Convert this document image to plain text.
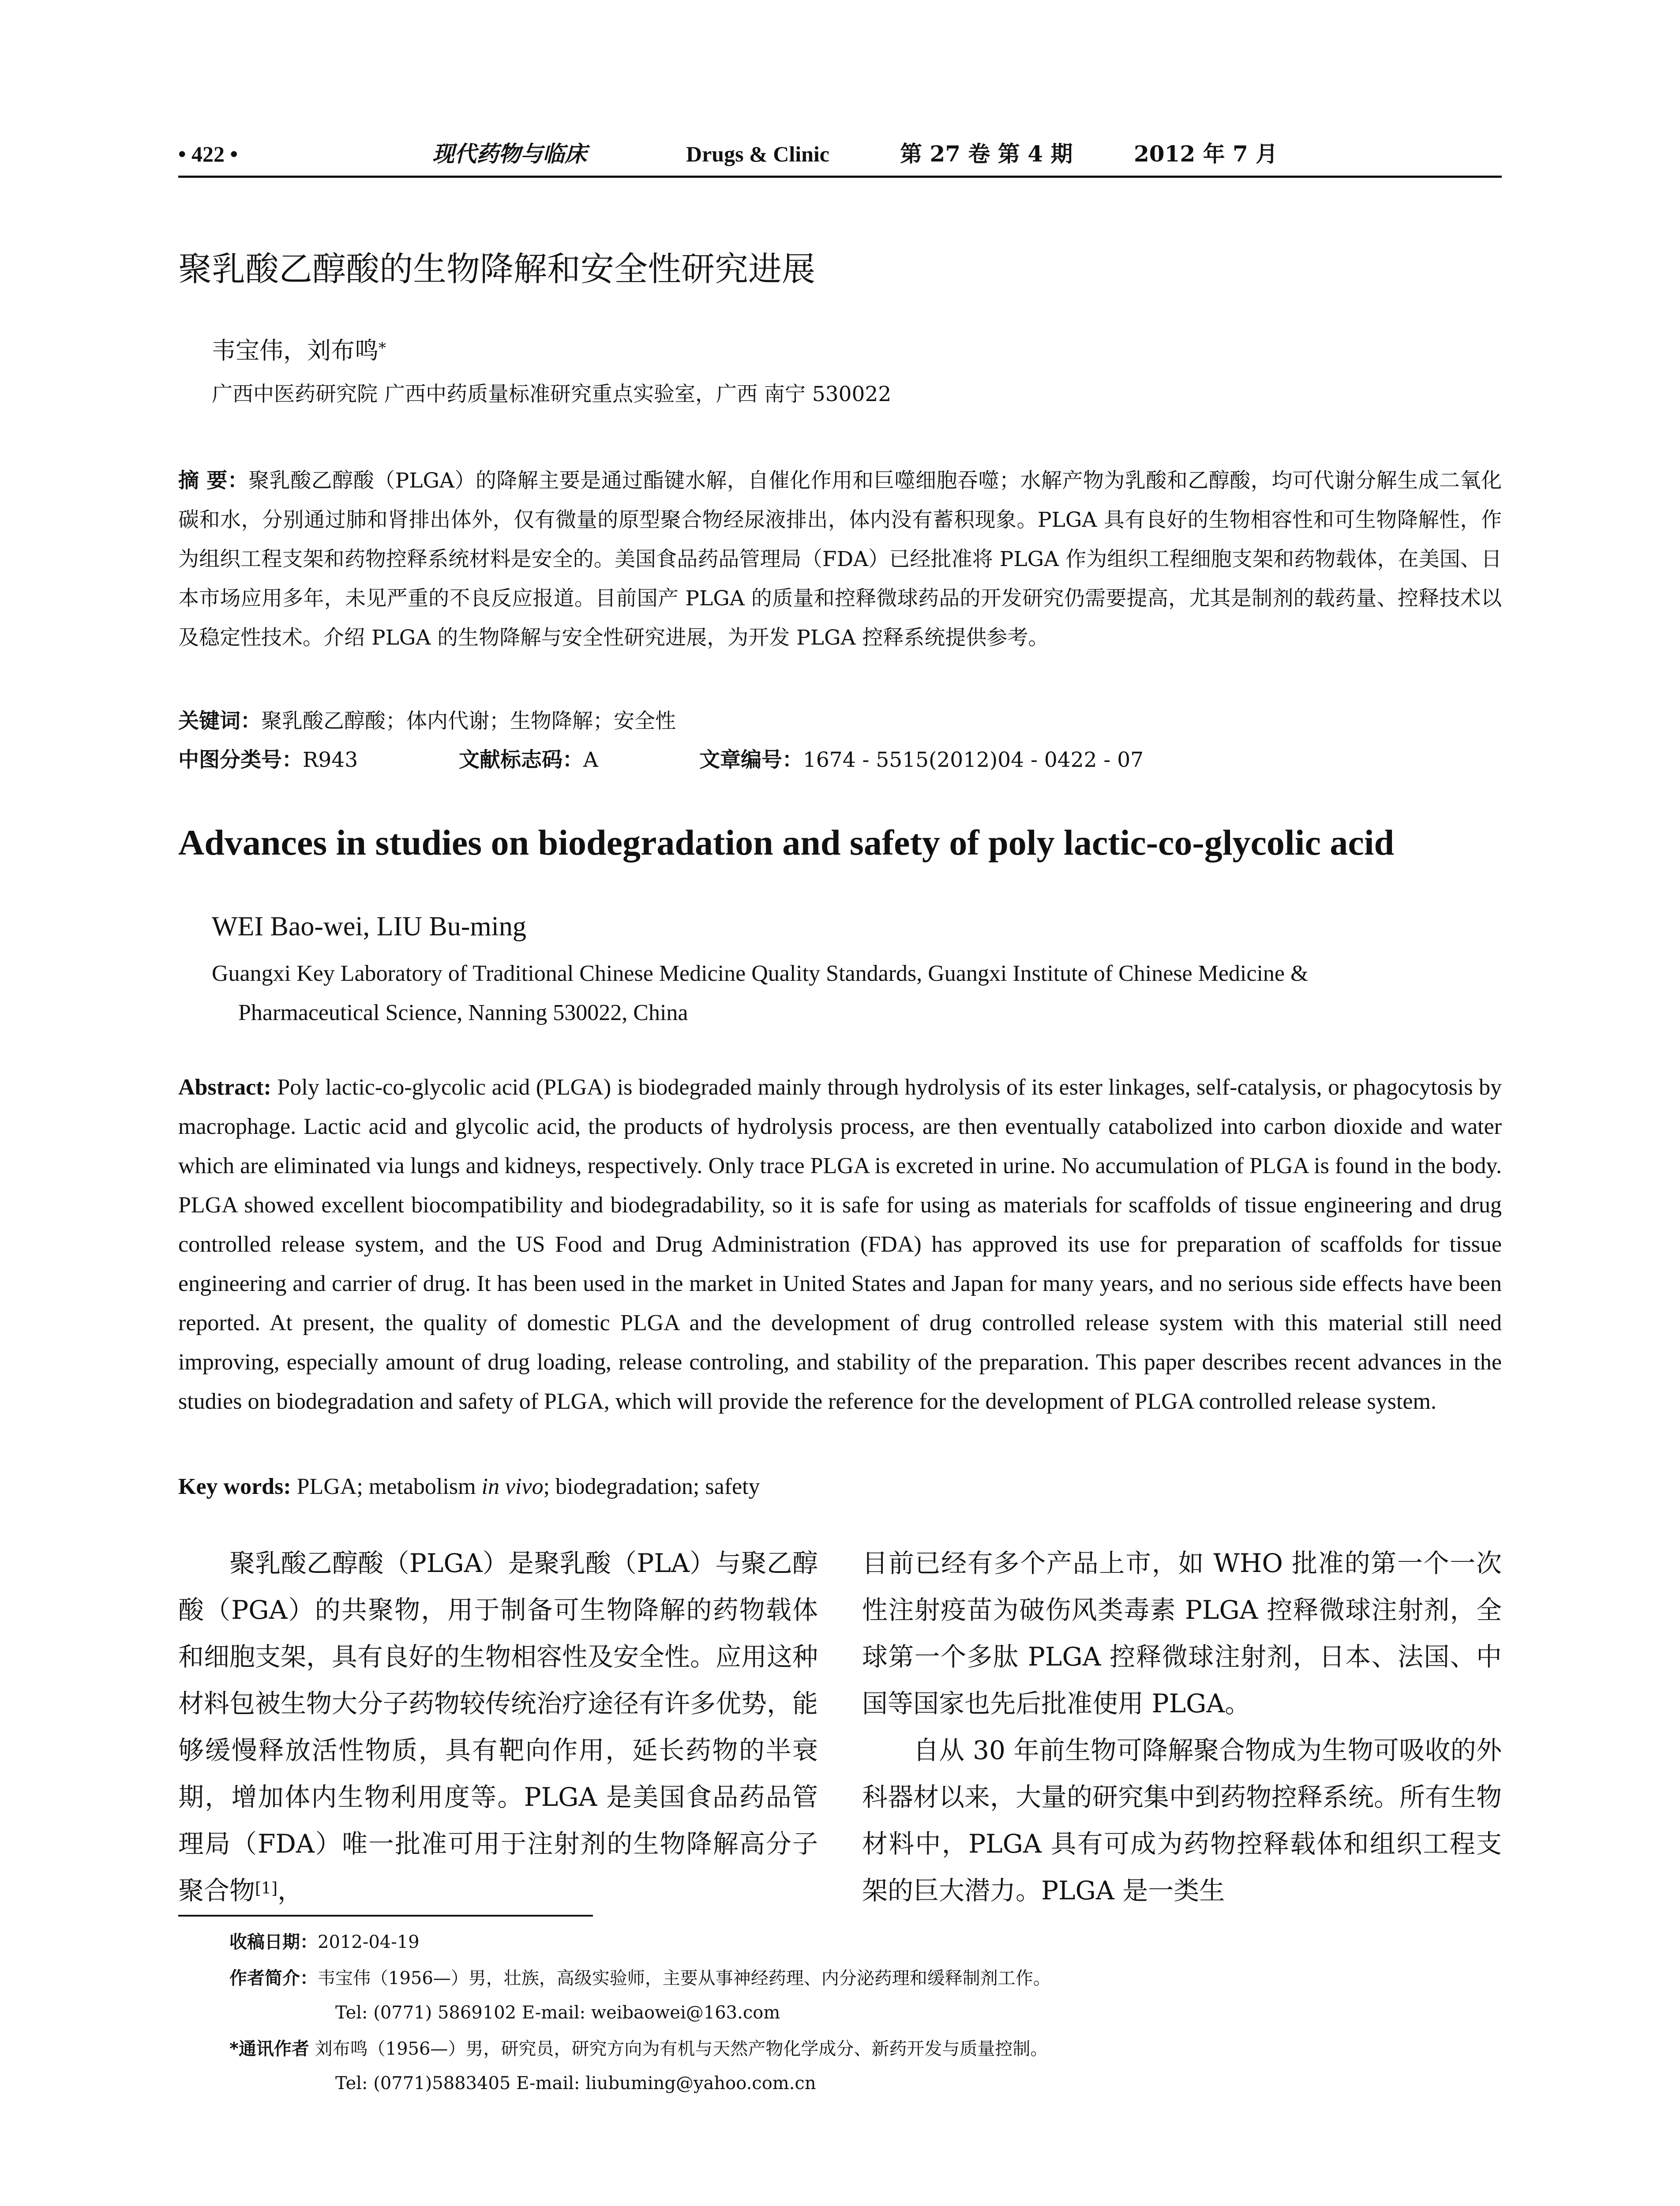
• 422 •	现代药物与临床	Drugs & Clinic	第 27 卷 第 4 期	2012 年 7 月
聚乳酸乙醇酸的生物降解和安全性研究进展
韦宝伟，刘布鸣*
广西中医药研究院 广西中药质量标准研究重点实验室，广西 南宁 530022
摘 要：聚乳酸乙醇酸（PLGA）的降解主要是通过酯键水解，自催化作用和巨噬细胞吞噬；水解产物为乳酸和乙醇酸，均可代谢分解生成二氧化碳和水，分别通过肺和肾排出体外，仅有微量的原型聚合物经尿液排出，体内没有蓄积现象。PLGA 具有良好的生物相容性和可生物降解性，作为组织工程支架和药物控释系统材料是安全的。美国食品药品管理局（FDA）已经批准将 PLGA 作为组织工程细胞支架和药物载体，在美国、日本市场应用多年，未见严重的不良反应报道。目前国产 PLGA 的质量和控释微球药品的开发研究仍需要提高，尤其是制剂的载药量、控释技术以及稳定性技术。介绍 PLGA 的生物降解与安全性研究进展，为开发 PLGA 控释系统提供参考。
关键词：聚乳酸乙醇酸；体内代谢；生物降解；安全性
中图分类号：R943	文献标志码：A	文章编号：1674 - 5515(2012)04 - 0422 - 07
Advances in studies on biodegradation and safety of poly lactic-co-glycolic acid
WEI Bao-wei, LIU Bu-ming
Guangxi Key Laboratory of Traditional Chinese Medicine Quality Standards, Guangxi Institute of Chinese Medicine &
Pharmaceutical Science, Nanning 530022, China
Abstract: Poly lactic-co-glycolic acid (PLGA) is biodegraded mainly through hydrolysis of its ester linkages, self-catalysis, or phagocytosis by macrophage. Lactic acid and glycolic acid, the products of hydrolysis process, are then eventually catabolized into carbon dioxide and water which are eliminated via lungs and kidneys, respectively. Only trace PLGA is excreted in urine. No accumulation of PLGA is found in the body. PLGA showed excellent biocompatibility and biodegradability, so it is safe for using as materials for scaffolds of tissue engineering and drug controlled release system, and the US Food and Drug Administration (FDA) has approved its use for preparation of scaffolds for tissue engineering and carrier of drug. It has been used in the market in United States and Japan for many years, and no serious side effects have been reported. At present, the quality of domestic PLGA and the development of drug controlled release system with this material still need improving, especially amount of drug loading, release controling, and stability of the preparation. This paper describes recent advances in the studies on biodegradation and safety of PLGA, which will provide the reference for the development of PLGA controlled release system.
Key words: PLGA; metabolism in vivo; biodegradation; safety
聚乳酸乙醇酸（PLGA）是聚乳酸（PLA）与聚乙醇酸（PGA）的共聚物，用于制备可生物降解的药物载体和细胞支架，具有良好的生物相容性及安全性。应用这种材料包被生物大分子药物较传统治疗途径有许多优势，能够缓慢释放活性物质，具有靶向作用，延长药物的半衰期，增加体内生物利用度等。PLGA 是美国食品药品管理局（FDA）唯一批准可用于注射剂的生物降解高分子聚合物[1]，
目前已经有多个产品上市，如 WHO 批准的第一个一次性注射疫苗为破伤风类毒素 PLGA 控释微球注射剂，全球第一个多肽 PLGA 控释微球注射剂，日本、法国、中国等国家也先后批准使用 PLGA。
自从 30 年前生物可降解聚合物成为生物可吸收的外科器材以来，大量的研究集中到药物控释系统。所有生物材料中，PLGA 具有可成为药物控释载体和组织工程支架的巨大潜力。PLGA 是一类生
收稿日期：2012-04-19
作者简介：韦宝伟（1956—）男，壮族，高级实验师，主要从事神经药理、内分泌药理和缓释制剂工作。
Tel: (0771) 5869102 E-mail: weibaowei@163.com
*通讯作者 刘布鸣（1956—）男，研究员，研究方向为有机与天然产物化学成分、新药开发与质量控制。
Tel: (0771)5883405 E-mail: liubuming@yahoo.com.cn
